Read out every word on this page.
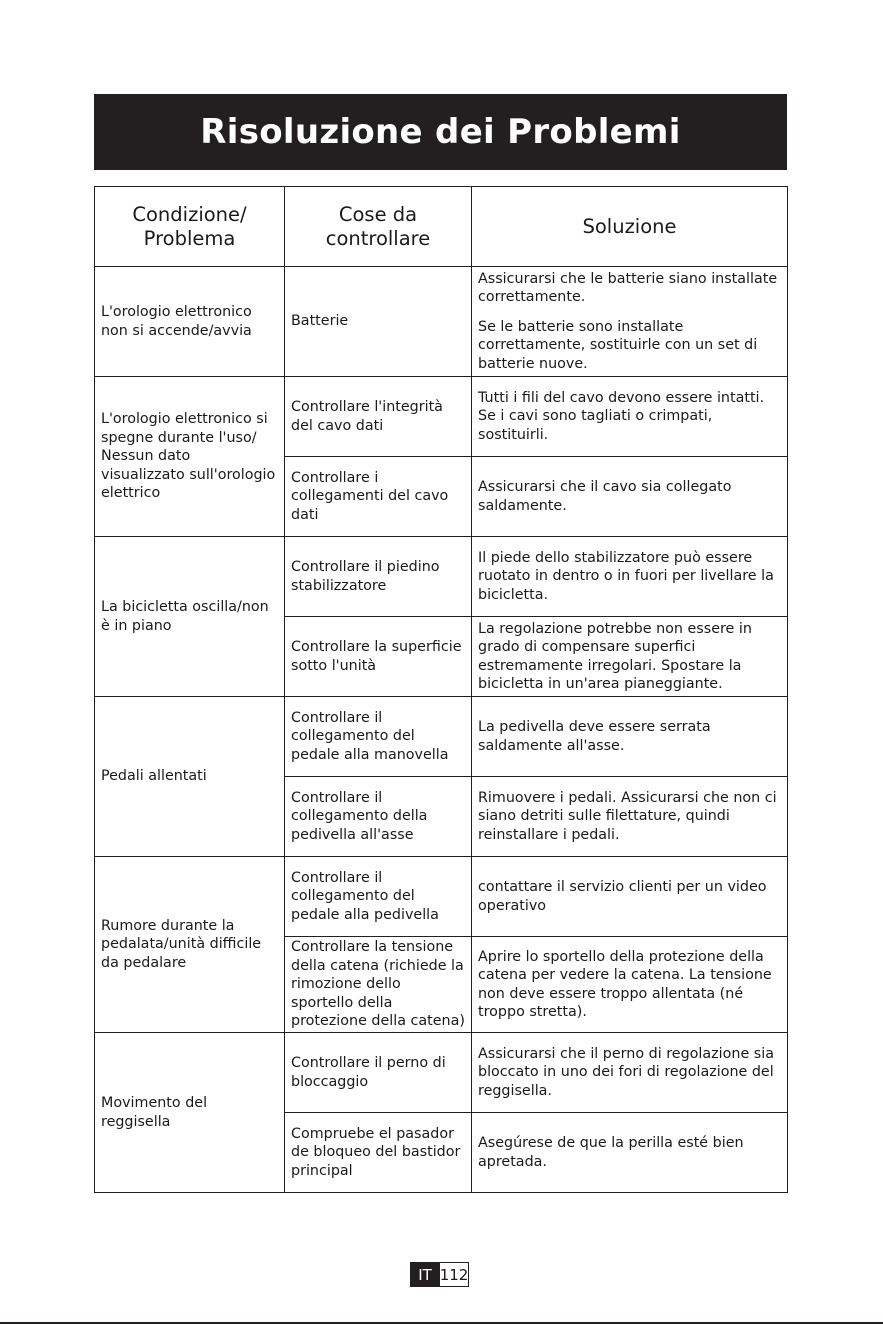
Risoluzione dei Problemi
Condizione/ Problema	Cose da controllare	Soluzione
L'orologio elettronico non si accende/avvia	Batterie	Assicurarsi che le batterie siano installate correttamente.

Se le batterie sono installate correttamente, sostituirle con un set di batterie nuove.

L'orologio elettronico si spegne durante l'uso/ Nessun dato visualizzato sull'orologio elettrico	Controllare l'integrità del cavo dati	Tutti i fili del cavo devono essere intatti. Se i cavi sono tagliati o crimpati, sostituirli.
	Controllare i collegamenti del cavo dati	Assicurarsi che il cavo sia collegato saldamente.
La bicicletta oscilla/non è in piano	Controllare il piedino stabilizzatore	Il piede dello stabilizzatore può essere ruotato in dentro o in fuori per livellare la bicicletta.
	Controllare la superficie sotto l'unità	La regolazione potrebbe non essere in grado di compensare superfici estremamente irregolari. Spostare la bicicletta in un'area pianeggiante.
Pedali allentati	Controllare il collegamento del pedale alla manovella	La pedivella deve essere serrata saldamente all'asse.
	Controllare il collegamento della pedivella all'asse	Rimuovere i pedali. Assicurarsi che non ci siano detriti sulle filettature, quindi reinstallare i pedali.
Rumore durante la pedalata/unità difficile da pedalare	Controllare il collegamento del pedale alla pedivella	contattare il servizio clienti per un video operativo
	Controllare la tensione della catena (richiede la rimozione dello sportello della protezione della catena)	Aprire lo sportello della protezione della catena per vedere la catena. La tensione non deve essere troppo allentata (né troppo stretta).
Movimento del reggisella	Controllare il perno di bloccaggio	Assicurarsi che il perno di regolazione sia bloccato in uno dei fori di regolazione del reggisella.
	Compruebe el pasador de bloqueo del bastidor principal	Asegúrese de que la perilla esté bien apretada.
IT 112
